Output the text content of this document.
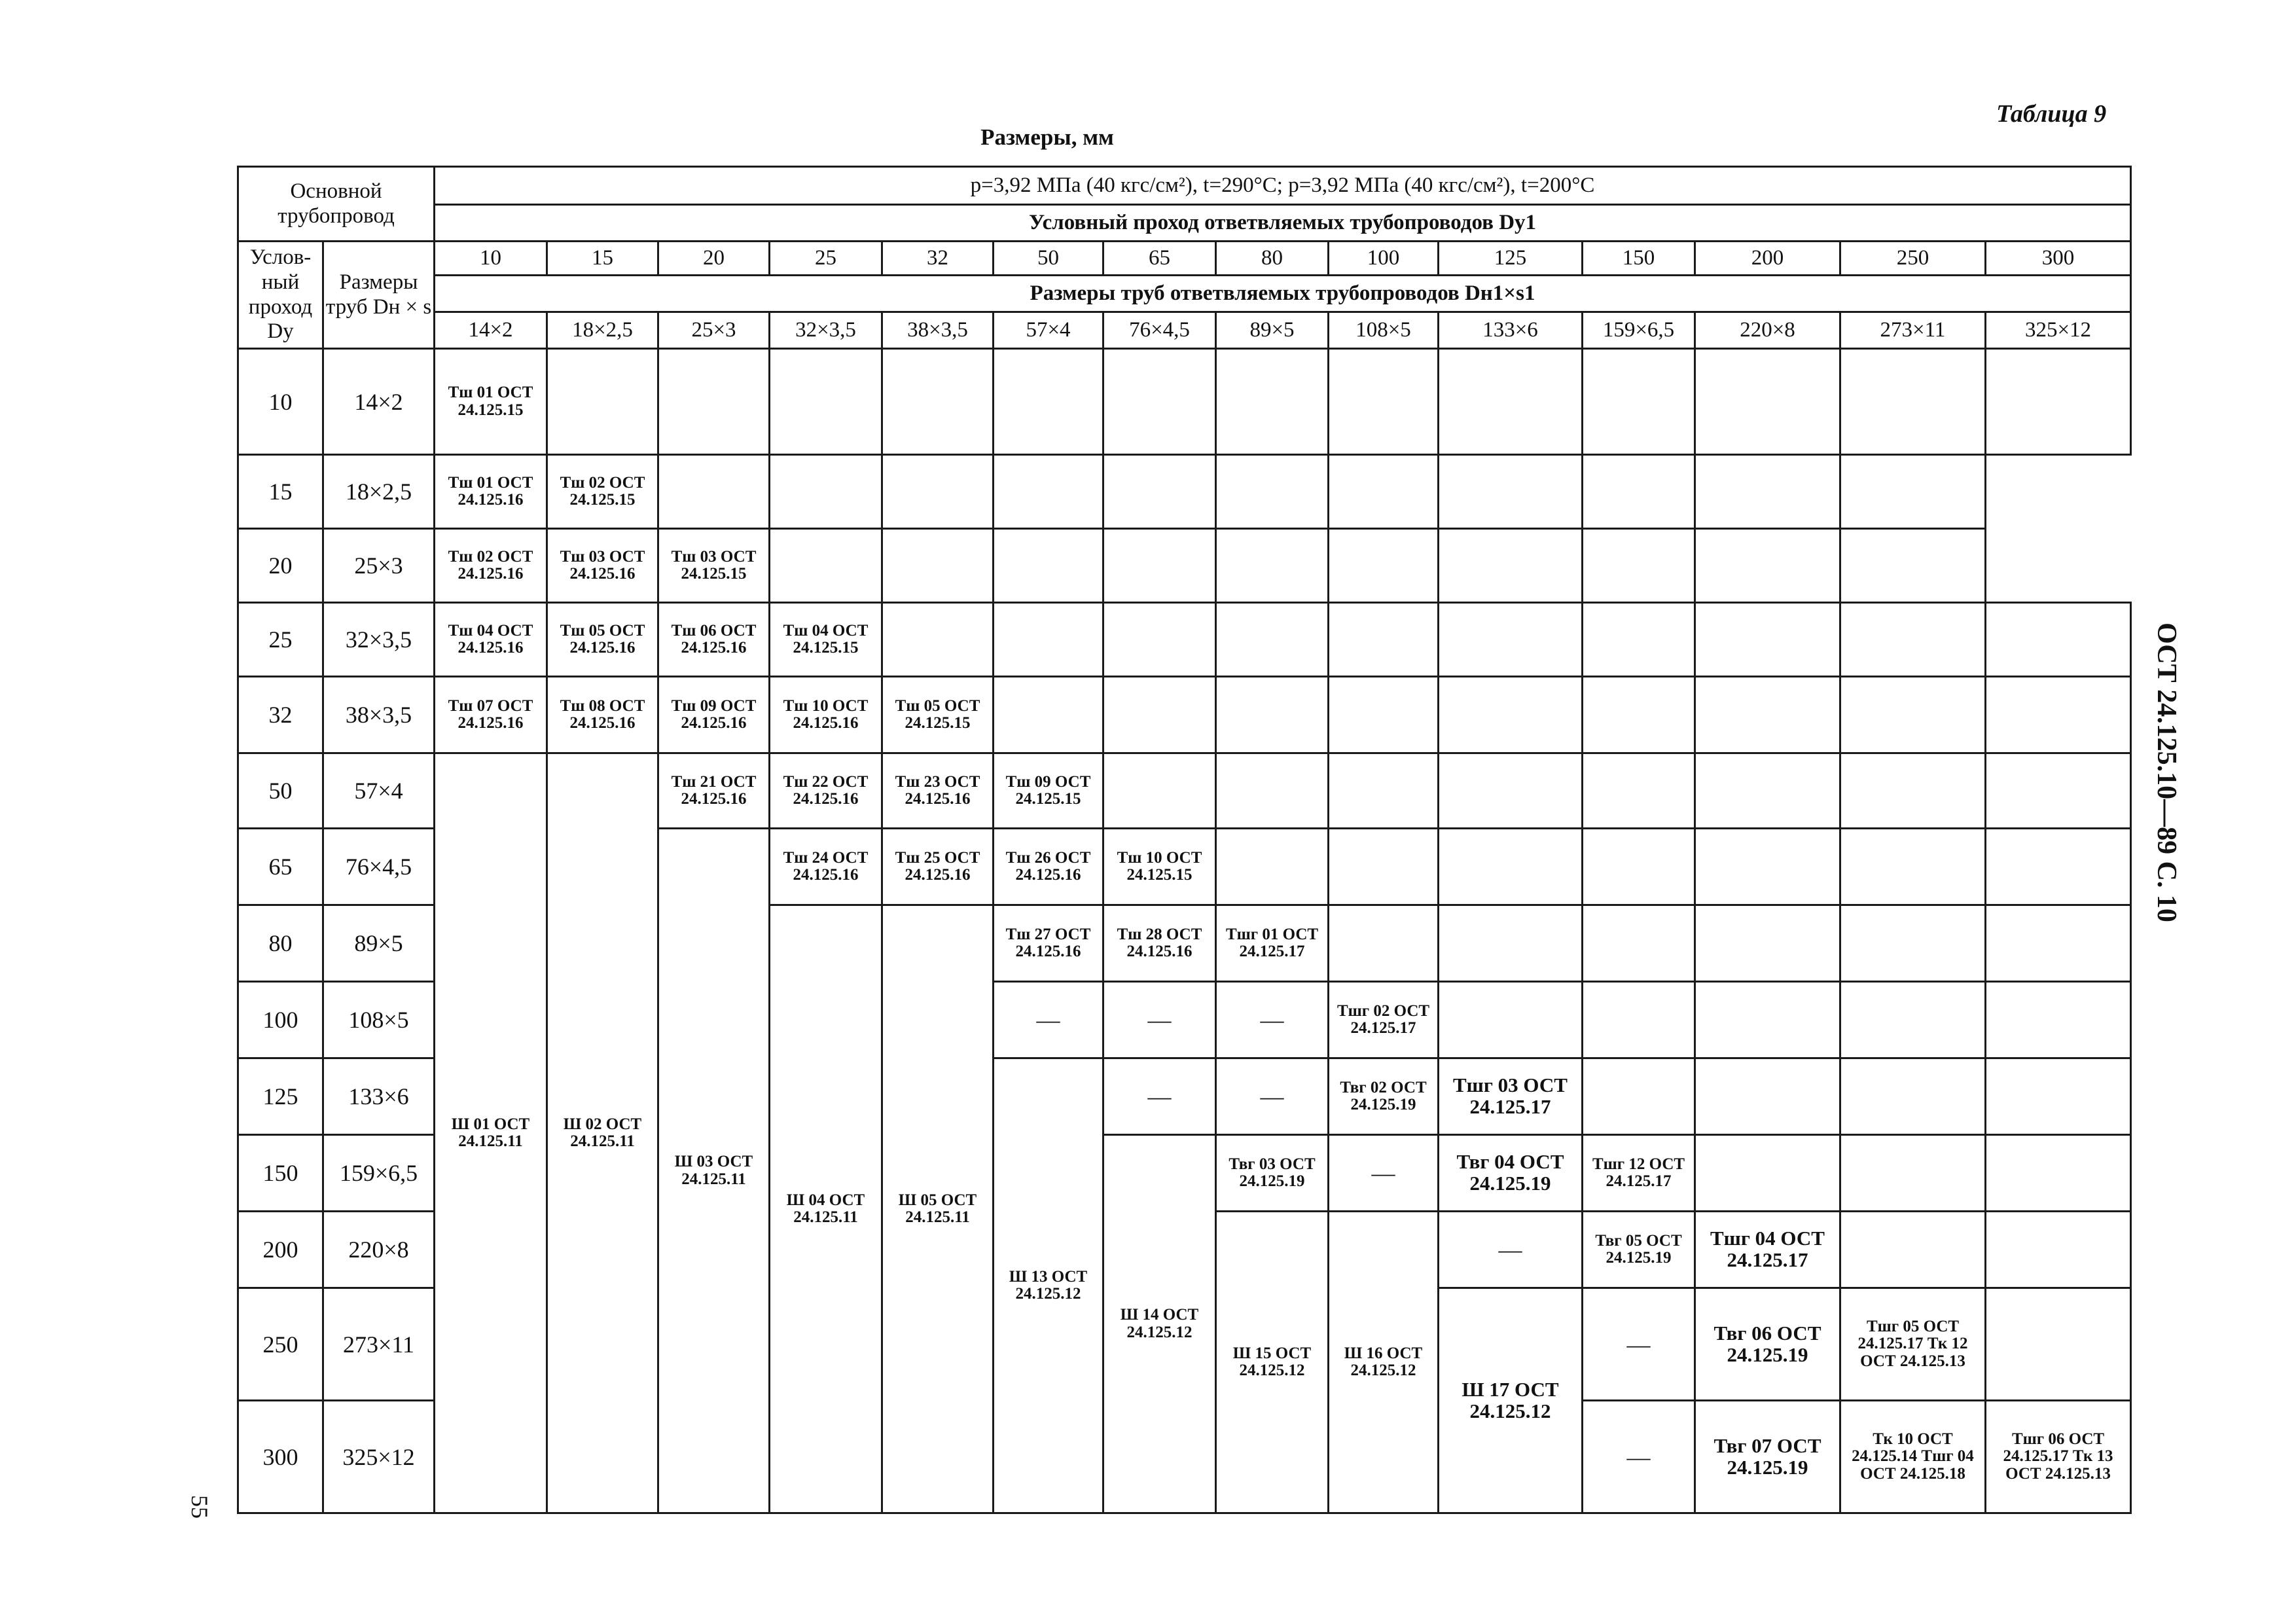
Таблица 9
Размеры, мм
ОСТ 24.125.10—89 С. 10
55
Основной трубопровод		p=3,92 МПа (40 кгс/см²), t=290°C; p=3,92 МПа (40 кгс/см²), t=200°C													
		Условный проход ответвляемых трубопроводов Dу1													
Услов- ный проход Dу	Размеры труб Dн × s	10	15	20	25	32	50	65	80	100	125	150	200	250	300
		Размеры труб ответвляемых трубопроводов Dн1×s1													
		14×2	18×2,5	25×3	32×3,5	38×3,5	57×4	76×4,5	89×5	108×5	133×6	159×6,5	220×8	273×11	325×12
10	14×2	Тш 01 ОСТ 24.125.15													
15	18×2,5	Тш 01 ОСТ 24.125.16	Тш 02 ОСТ 24.125.15												
20	25×3	Тш 02 ОСТ 24.125.16	Тш 03 ОСТ 24.125.16	Тш 03 ОСТ 24.125.15											
25	32×3,5	Тш 04 ОСТ 24.125.16	Тш 05 ОСТ 24.125.16	Тш 06 ОСТ 24.125.16	Тш 04 ОСТ 24.125.15										
32	38×3,5	Тш 07 ОСТ 24.125.16	Тш 08 ОСТ 24.125.16	Тш 09 ОСТ 24.125.16	Тш 10 ОСТ 24.125.16	Тш 05 ОСТ 24.125.15									
50	57×4	Ш 01 ОСТ 24.125.11	Ш 02 ОСТ 24.125.11	Тш 21 ОСТ 24.125.16	Тш 22 ОСТ 24.125.16	Тш 23 ОСТ 24.125.16	Тш 09 ОСТ 24.125.15								
65	76×4,5			Ш 03 ОСТ 24.125.11	Тш 24 ОСТ 24.125.16	Тш 25 ОСТ 24.125.16	Тш 26 ОСТ 24.125.16	Тш 10 ОСТ 24.125.15							
80	89×5				Ш 04 ОСТ 24.125.11	Ш 05 ОСТ 24.125.11	Тш 27 ОСТ 24.125.16	Тш 28 ОСТ 24.125.16	Тшг 01 ОСТ 24.125.17						
100	108×5						—	—	—	Тшг 02 ОСТ 24.125.17					
125	133×6						Ш 13 ОСТ 24.125.12	—	—	Твг 02 ОСТ 24.125.19	Тшг 03 ОСТ 24.125.17				
150	159×6,5							Ш 14 ОСТ 24.125.12	Твг 03 ОСТ 24.125.19	—	Твг 04 ОСТ 24.125.19	Тшг 12 ОСТ 24.125.17			
200	220×8								Ш 15 ОСТ 24.125.12	Ш 16 ОСТ 24.125.12	—	Твг 05 ОСТ 24.125.19	Тшг 04 ОСТ 24.125.17		
250	273×11										Ш 17 ОСТ 24.125.12	—	Твг 06 ОСТ 24.125.19	Тшг 05 ОСТ 24.125.17 Тк 12 ОСТ 24.125.13	
300	325×12											—	Твг 07 ОСТ 24.125.19	Тк 10 ОСТ 24.125.14 Тшг 04 ОСТ 24.125.18	Тшг 06 ОСТ 24.125.17 Тк 13 ОСТ 24.125.13
